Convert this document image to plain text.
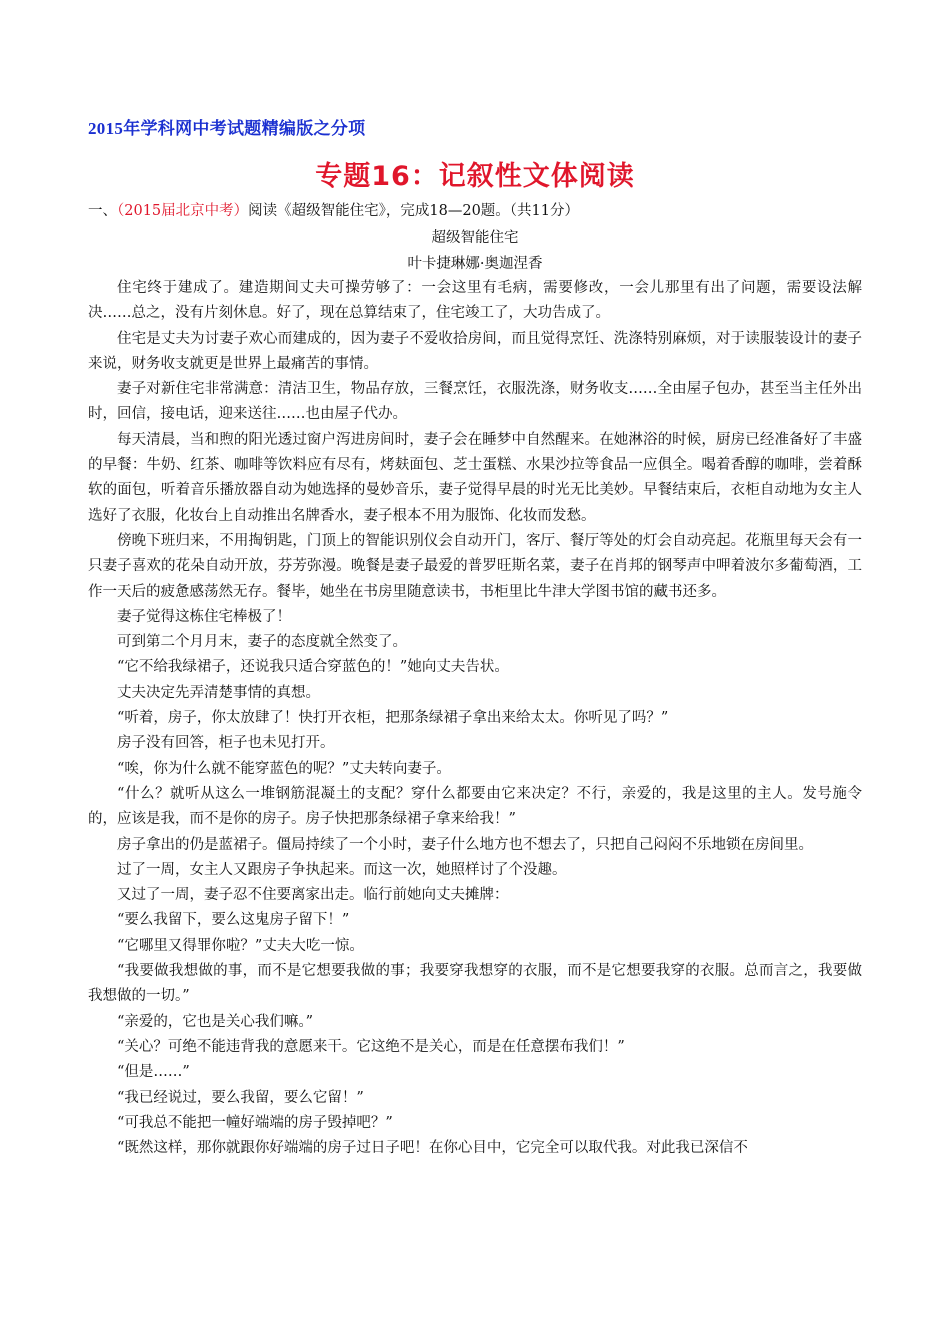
2015年学科网中考试题精编版之分项
专题16：记叙性文体阅读
一、（2015届北京中考）阅读《超级智能住宅》，完成18—20题。（共11分）
超级智能住宅
叶卡捷琳娜·奥迦涅香

住宅终于建成了。建造期间丈夫可操劳够了：一会这里有毛病，需要修改，一会儿那里有出了问题，需要设法解决……总之，没有片刻休息。好了，现在总算结束了，住宅竣工了，大功告成了。

住宅是丈夫为讨妻子欢心而建成的，因为妻子不爱收拾房间，而且觉得烹饪、洗涤特别麻烦，对于读服装设计的妻子来说，财务收支就更是世界上最痛苦的事情。

妻子对新住宅非常满意：清洁卫生，物品存放，三餐烹饪，衣服洗涤，财务收支……全由屋子包办，甚至当主任外出时，回信，接电话，迎来送往……也由屋子代办。

每天清晨，当和煦的阳光透过窗户泻进房间时，妻子会在睡梦中自然醒来。在她淋浴的时候，厨房已经准备好了丰盛的早餐：牛奶、红茶、咖啡等饮料应有尽有，烤麸面包、芝士蛋糕、水果沙拉等食品一应俱全。喝着香醇的咖啡，尝着酥软的面包，听着音乐播放器自动为她选择的曼妙音乐，妻子觉得早晨的时光无比美妙。早餐结束后，衣柜自动地为女主人选好了衣服，化妆台上自动推出名牌香水，妻子根本不用为服饰、化妆而发愁。

傍晚下班归来，不用掏钥匙，门顶上的智能识别仪会自动开门，客厅、餐厅等处的灯会自动亮起。花瓶里每天会有一只妻子喜欢的花朵自动开放，芬芳弥漫。晚餐是妻子最爱的普罗旺斯名菜，妻子在肖邦的钢琴声中呷着波尔多葡萄酒，工作一天后的疲惫感荡然无存。餐毕，她坐在书房里随意读书，书柜里比牛津大学图书馆的藏书还多。

妻子觉得这栋住宅棒极了！

可到第二个月月末，妻子的态度就全然变了。

“它不给我绿裙子，还说我只适合穿蓝色的！”她向丈夫告状。

丈夫决定先弄清楚事情的真想。

“听着，房子，你太放肆了！快打开衣柜，把那条绿裙子拿出来给太太。你听见了吗？”

房子没有回答，柜子也未见打开。

“唉，你为什么就不能穿蓝色的呢？”丈夫转向妻子。

“什么？就听从这么一堆钢筋混凝土的支配？穿什么都要由它来决定？不行，亲爱的，我是这里的主人。发号施令的，应该是我，而不是你的房子。房子快把那条绿裙子拿来给我！”

房子拿出的仍是蓝裙子。僵局持续了一个小时，妻子什么地方也不想去了，只把自己闷闷不乐地锁在房间里。

过了一周，女主人又跟房子争执起来。而这一次，她照样讨了个没趣。

又过了一周，妻子忍不住要离家出走。临行前她向丈夫摊牌：

“要么我留下，要么这鬼房子留下！”

“它哪里又得罪你啦？”丈夫大吃一惊。

“我要做我想做的事，而不是它想要我做的事；我要穿我想穿的衣服，而不是它想要我穿的衣服。总而言之，我要做我想做的一切。”

“亲爱的，它也是关心我们嘛。”

“关心？可绝不能违背我的意愿来干。它这绝不是关心，而是在任意摆布我们！”

“但是……”

“我已经说过，要么我留，要么它留！”

“可我总不能把一幢好端端的房子毁掉吧？”

“既然这样，那你就跟你好端端的房子过日子吧！在你心目中，它完全可以取代我。对此我已深信不
